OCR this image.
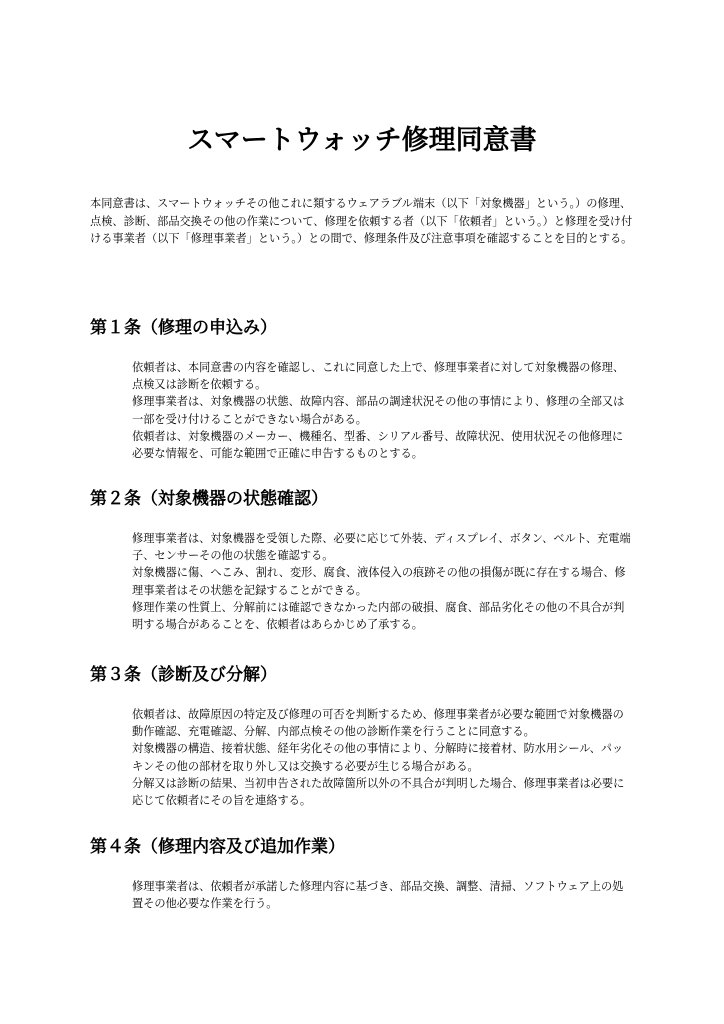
スマートウォッチ修理同意書

本同意書は、スマートウォッチその他これに類するウェアラブル端末（以下「対象機器」という。）の修理、点検、診断、部品交換その他の作業について、修理を依頼する者（以下「依頼者」という。）と修理を受け付ける事業者（以下「修理事業者」という。）との間で、修理条件及び注意事項を確認することを目的とする。

第１条（修理の申込み）

依頼者は、本同意書の内容を確認し、これに同意した上で、修理事業者に対して対象機器の修理、点検又は診断を依頼する。

修理事業者は、対象機器の状態、故障内容、部品の調達状況その他の事情により、修理の全部又は一部を受け付けることができない場合がある。

依頼者は、対象機器のメーカー、機種名、型番、シリアル番号、故障状況、使用状況その他修理に必要な情報を、可能な範囲で正確に申告するものとする。

第２条（対象機器の状態確認）

修理事業者は、対象機器を受領した際、必要に応じて外装、ディスプレイ、ボタン、ベルト、充電端子、センサーその他の状態を確認する。

対象機器に傷、へこみ、割れ、変形、腐食、液体侵入の痕跡その他の損傷が既に存在する場合、修理事業者はその状態を記録することができる。

修理作業の性質上、分解前には確認できなかった内部の破損、腐食、部品劣化その他の不具合が判明する場合があることを、依頼者はあらかじめ了承する。

第３条（診断及び分解）

依頼者は、故障原因の特定及び修理の可否を判断するため、修理事業者が必要な範囲で対象機器の動作確認、充電確認、分解、内部点検その他の診断作業を行うことに同意する。

対象機器の構造、接着状態、経年劣化その他の事情により、分解時に接着材、防水用シール、パッキンその他の部材を取り外し又は交換する必要が生じる場合がある。

分解又は診断の結果、当初申告された故障箇所以外の不具合が判明した場合、修理事業者は必要に応じて依頼者にその旨を連絡する。

第４条（修理内容及び追加作業）

修理事業者は、依頼者が承諾した修理内容に基づき、部品交換、調整、清掃、ソフトウェア上の処置その他必要な作業を行う。
